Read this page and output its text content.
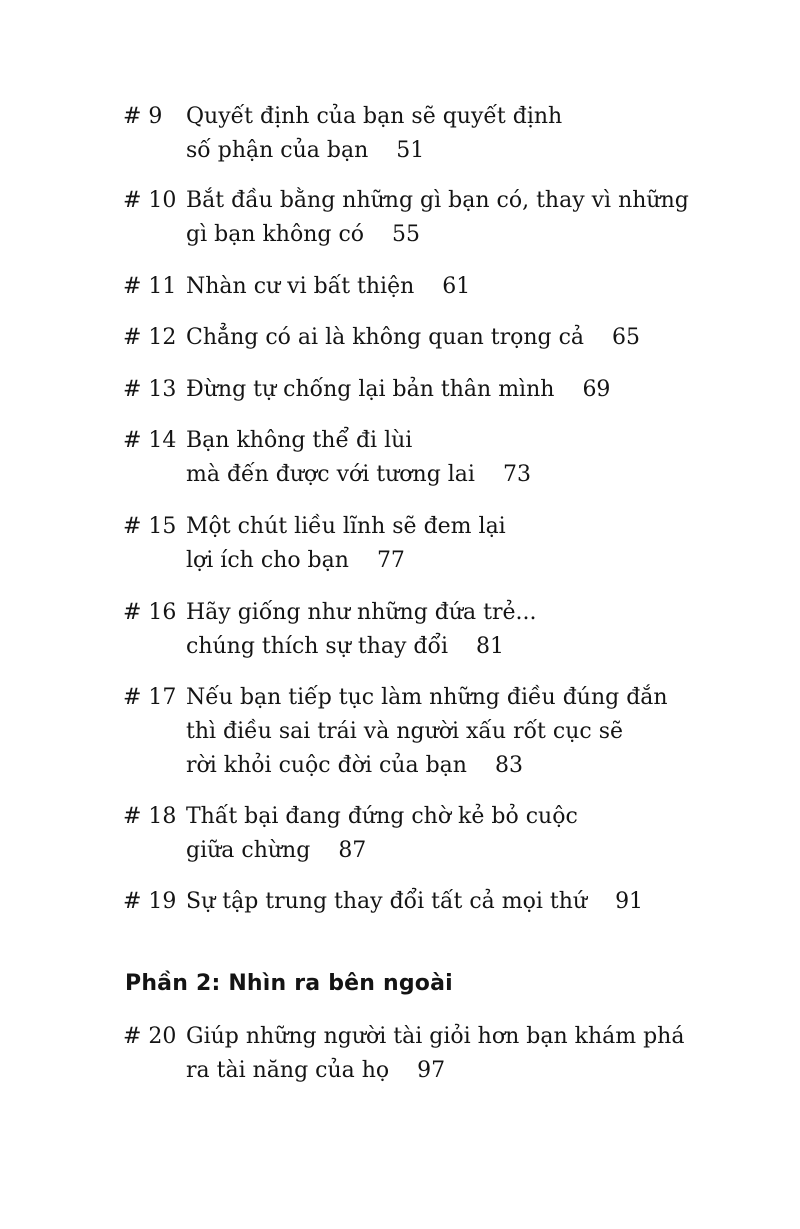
# 9 Quyết định của bạn sẽ quyết định
số phận của bạn 51
# 10 Bắt đầu bằng những gì bạn có, thay vì những
gì bạn không có 55
# 11 Nhàn cư vi bất thiện 61
# 12 Chẳng có ai là không quan trọng cả 65
# 13 Đừng tự chống lại bản thân mình 69
# 14 Bạn không thể đi lùi
mà đến được với tương lai 73
# 15 Một chút liều lĩnh sẽ đem lại
lợi ích cho bạn 77
# 16 Hãy giống như những đứa trẻ...
chúng thích sự thay đổi 81
# 17 Nếu bạn tiếp tục làm những điều đúng đắn
thì điều sai trái và người xấu rốt cục sẽ
rời khỏi cuộc đời của bạn 83
# 18 Thất bại đang đứng chờ kẻ bỏ cuộc
giữa chừng 87
# 19 Sự tập trung thay đổi tất cả mọi thứ 91
Phần 2: Nhìn ra bên ngoài
# 20 Giúp những người tài giỏi hơn bạn khám phá
ra tài năng của họ 97
